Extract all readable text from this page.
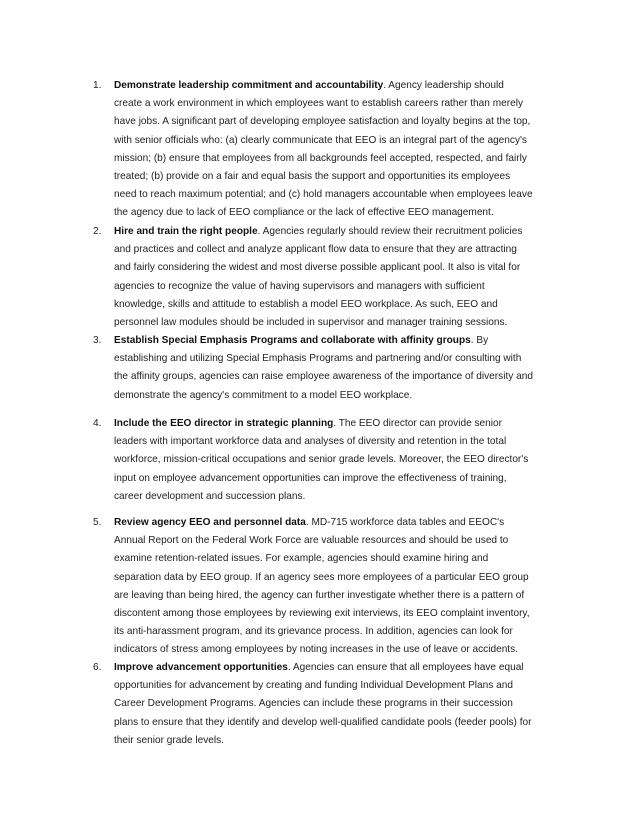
1. Demonstrate leadership commitment and accountability. Agency leadership should create a work environment in which employees want to establish careers rather than merely have jobs. A significant part of developing employee satisfaction and loyalty begins at the top, with senior officials who: (a) clearly communicate that EEO is an integral part of the agency's mission; (b) ensure that employees from all backgrounds feel accepted, respected, and fairly treated; (b) provide on a fair and equal basis the support and opportunities its employees need to reach maximum potential; and (c) hold managers accountable when employees leave the agency due to lack of EEO compliance or the lack of effective EEO management.
2. Hire and train the right people. Agencies regularly should review their recruitment policies and practices and collect and analyze applicant flow data to ensure that they are attracting and fairly considering the widest and most diverse possible applicant pool. It also is vital for agencies to recognize the value of having supervisors and managers with sufficient knowledge, skills and attitude to establish a model EEO workplace. As such, EEO and personnel law modules should be included in supervisor and manager training sessions.
3. Establish Special Emphasis Programs and collaborate with affinity groups. By establishing and utilizing Special Emphasis Programs and partnering and/or consulting with the affinity groups, agencies can raise employee awareness of the importance of diversity and demonstrate the agency's commitment to a model EEO workplace.
4. Include the EEO director in strategic planning. The EEO director can provide senior leaders with important workforce data and analyses of diversity and retention in the total workforce, mission-critical occupations and senior grade levels. Moreover, the EEO director's input on employee advancement opportunities can improve the effectiveness of training, career development and succession plans.
5. Review agency EEO and personnel data. MD-715 workforce data tables and EEOC's Annual Report on the Federal Work Force are valuable resources and should be used to examine retention-related issues. For example, agencies should examine hiring and separation data by EEO group. If an agency sees more employees of a particular EEO group are leaving than being hired, the agency can further investigate whether there is a pattern of discontent among those employees by reviewing exit interviews, its EEO complaint inventory, its anti-harassment program, and its grievance process. In addition, agencies can look for indicators of stress among employees by noting increases in the use of leave or accidents.
6. Improve advancement opportunities. Agencies can ensure that all employees have equal opportunities for advancement by creating and funding Individual Development Plans and Career Development Programs. Agencies can include these programs in their succession plans to ensure that they identify and develop well-qualified candidate pools (feeder pools) for their senior grade levels.
